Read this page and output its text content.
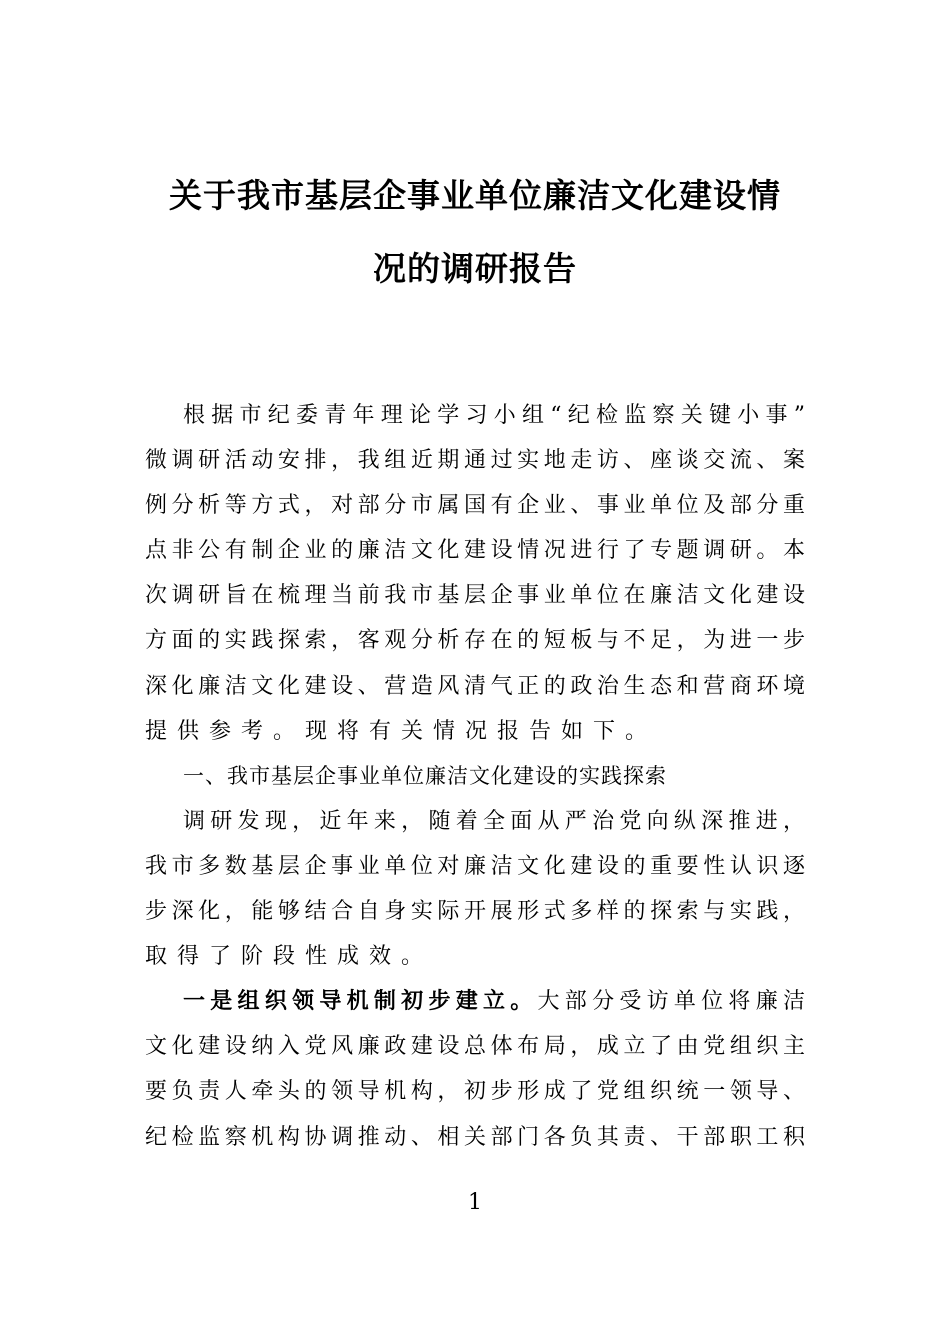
关于我市基层企事业单位廉洁文化建设情
况的调研报告
根据市纪委青年理论学习小组“纪检监察关键小事”
微调研活动安排，我组近期通过实地走访、座谈交流、案
例分析等方式，对部分市属国有企业、事业单位及部分重
点非公有制企业的廉洁文化建设情况进行了专题调研。本
次调研旨在梳理当前我市基层企事业单位在廉洁文化建设
方面的实践探索，客观分析存在的短板与不足，为进一步
深化廉洁文化建设、营造风清气正的政治生态和营商环境
提供参考。现将有关情况报告如下。
一、我市基层企事业单位廉洁文化建设的实践探索
调研发现，近年来，随着全面从严治党向纵深推进，
我市多数基层企事业单位对廉洁文化建设的重要性认识逐
步深化，能够结合自身实际开展形式多样的探索与实践，
取得了阶段性成效。
一是组织领导机制初步建立。大部分受访单位将廉洁
文化建设纳入党风廉政建设总体布局，成立了由党组织主
要负责人牵头的领导机构，初步形成了党组织统一领导、
纪检监察机构协调推动、相关部门各负其责、干部职工积
1
